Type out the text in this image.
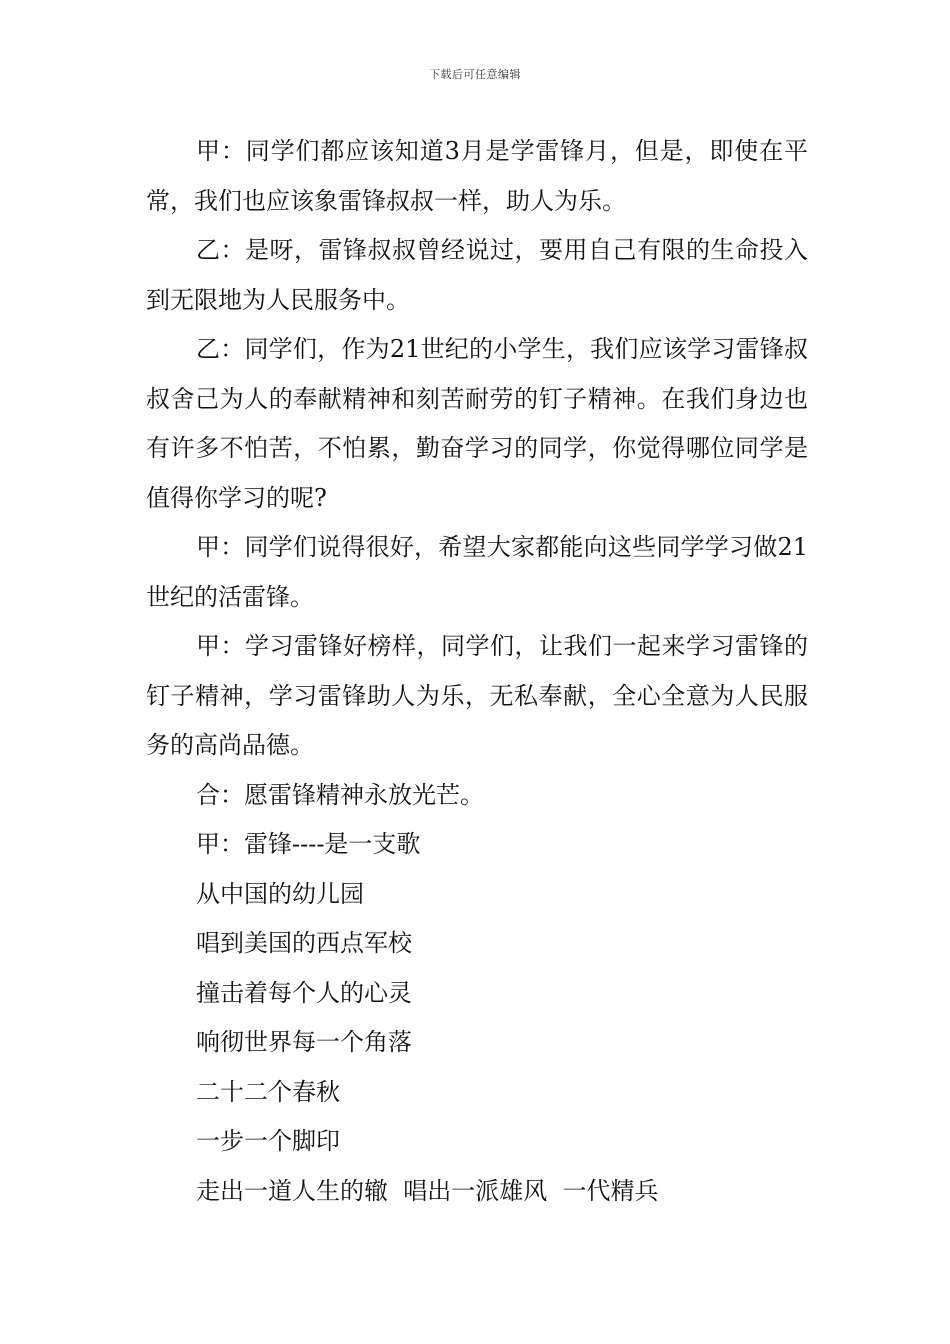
下载后可任意编辑

甲：同学们都应该知道3月是学雷锋月，但是，即使在平常，我们也应该象雷锋叔叔一样，助人为乐。

乙：是呀，雷锋叔叔曾经说过，要用自己有限的生命投入到无限地为人民服务中。

乙：同学们，作为21世纪的小学生，我们应该学习雷锋叔叔舍己为人的奉献精神和刻苦耐劳的钉子精神。在我们身边也有许多不怕苦，不怕累，勤奋学习的同学，你觉得哪位同学是值得你学习的呢?

甲：同学们说得很好，希望大家都能向这些同学学习做21世纪的活雷锋。

甲：学习雷锋好榜样，同学们，让我们一起来学习雷锋的钉子精神，学习雷锋助人为乐，无私奉献，全心全意为人民服务的高尚品德。

合：愿雷锋精神永放光芒。

甲：雷锋----是一支歌

从中国的幼儿园

唱到美国的西点军校

撞击着每个人的心灵

响彻世界每一个角落

二十二个春秋

一步一个脚印

走出一道人生的辙  唱出一派雄风  一代精兵
